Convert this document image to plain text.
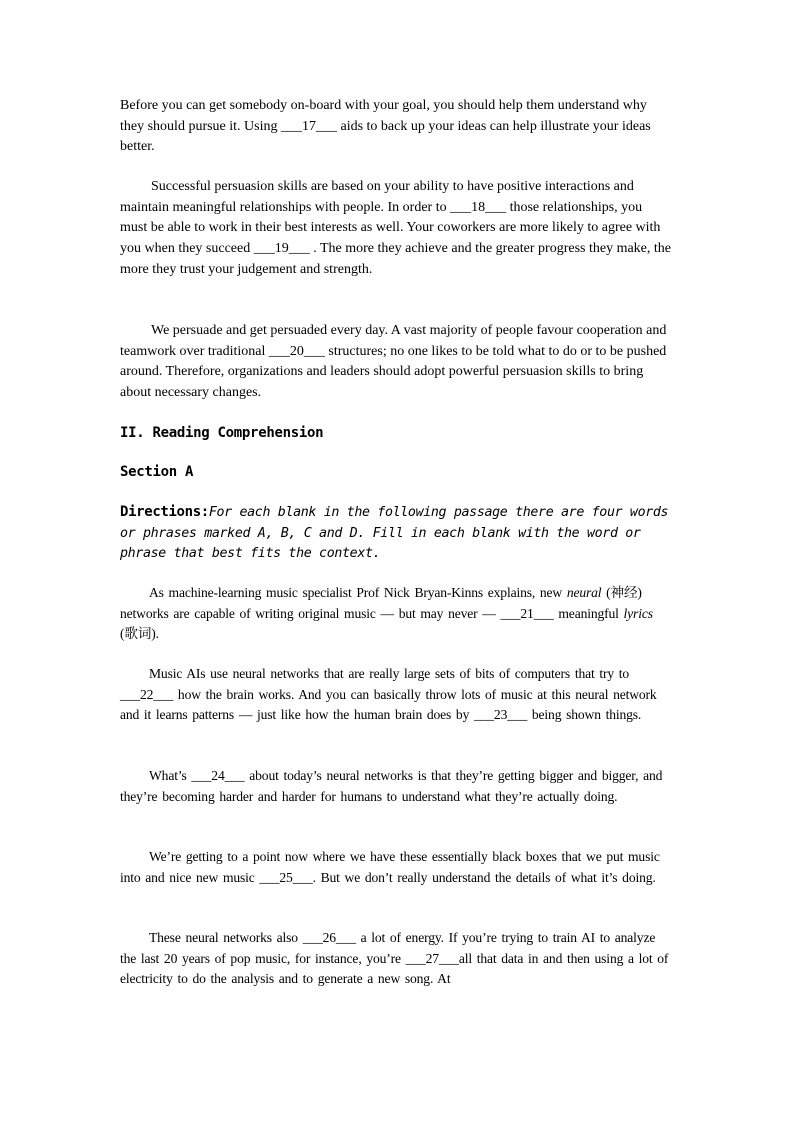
Before you can get somebody on-board with your goal, you should help them understand why they should pursue it. Using ___17___ aids to back up your ideas can help illustrate your ideas better.

Successful persuasion skills are based on your ability to have positive interactions and maintain meaningful relationships with people. In order to ___18___ those relationships, you must be able to work in their best interests as well. Your coworkers are more likely to agree with you when they succeed ___19___ . The more they achieve and the greater progress they make, the more they trust your judgement and strength.

We persuade and get persuaded every day. A vast majority of people favour cooperation and teamwork over traditional ___20___ structures; no one likes to be told what to do or to be pushed around. Therefore, organizations and leaders should adopt powerful persuasion skills to bring about necessary changes.

II. Reading Comprehension
Section A

Directions:For each blank in the following passage there are four words or phrases marked A, B, C and D. Fill in each blank with the word or phrase that best fits the context.

As machine-learning music specialist Prof Nick Bryan-Kinns explains, new neural (神经) networks are capable of writing original music — but may never — ___21___ meaningful lyrics (歌词).

Music AIs use neural networks that are really large sets of bits of computers that try to ___22___ how the brain works. And you can basically throw lots of music at this neural network and it learns patterns — just like how the human brain does by ___23___ being shown things.

What’s ___24___ about today’s neural networks is that they’re getting bigger and bigger, and they’re becoming harder and harder for humans to understand what they’re actually doing.

We’re getting to a point now where we have these essentially black boxes that we put music into and nice new music ___25___. But we don’t really understand the details of what it’s doing.

These neural networks also ___26___ a lot of energy. If you’re trying to train AI to analyze the last 20 years of pop music, for instance, you’re ___27___all that data in and then using a lot of electricity to do the analysis and to generate a new song. At
